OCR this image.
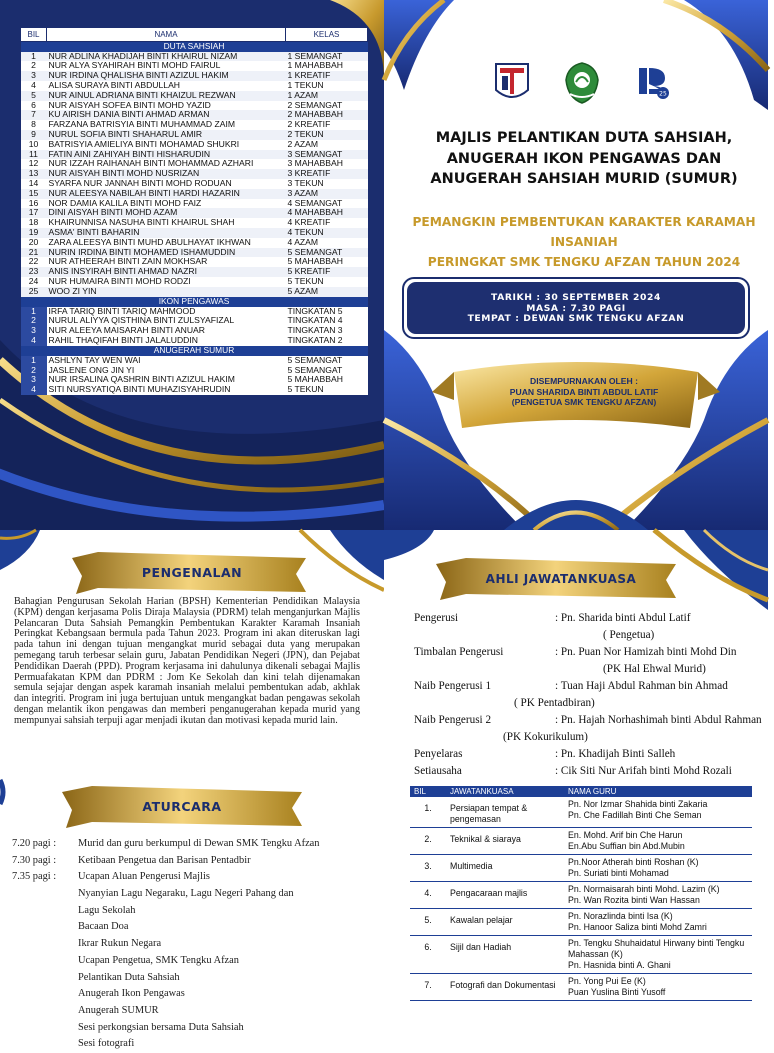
BIL	NAMA	KELAS
DUTA SAHSIAH		
1	NUR ADLINA KHADIJAH BINTI KHAIRUL NIZAM	1 SEMANGAT
2	NUR ALYA SYAHIRAH BINTI MOHD FAIRUL	1 MAHABBAH
3	NUR IRDINA QHALISHA BINTI AZIZUL HAKIM	1 KREATIF
4	ALISA SURAYA BINTI ABDULLAH	1 TEKUN
5	NUR AINUL ADRIANA BINTI KHAIZUL REZWAN	1 AZAM
6	NUR AISYAH SOFEA BINTI MOHD YAZID	2 SEMANGAT
7	KU AIRISH DANIA BINTI AHMAD ARMAN	2 MAHABBAH
8	FARZANA BATRISYIA BINTI MUHAMMAD ZAIM	2 KREATIF
9	NURUL SOFIA BINTI SHAHARUL AMIR	2 TEKUN
10	BATRISYIA AMIELIYA BINTI MOHAMAD SHUKRI	2 AZAM
11	FATIN AINI ZAHIYAH BINTI HISHARUDIN	3 SEMANGAT
12	NUR IZZAH RAIHANAH BINTI MOHAMMAD AZHARI	3 MAHABBAH
13	NUR AISYAH BINTI MOHD NUSRIZAN	3 KREATIF
14	SYARFA NUR JANNAH BINTI MOHD RODUAN	3 TEKUN
15	NUR ALEESYA NABILAH BINTI HARDI HAZARIN	3 AZAM
16	NOR DAMIA KALILA BINTI MOHD FAIZ	4 SEMANGAT
17	DINI AISYAH BINTI MOHD AZAM	4 MAHABBAH
18	KHAIRUNNISA NASUHA BINTI KHAIRUL SHAH	4 KREATIF
19	ASMA' BINTI BAHARIN	4 TEKUN
20	ZARA ALEESYA BINTI MUHD ABULHAYAT IKHWAN	4 AZAM
21	NURIN IRDINA BINTI MOHAMED ISHAMUDDIN	5 SEMANGAT
22	NUR ATHEERAH BINTI ZAIN MOKHSAR	5 MAHABBAH
23	ANIS INSYIRAH BINTI AHMAD NAZRI	5 KREATIF
24	NUR HUMAIRA BINTI MOHD RODZI	5 TEKUN
25	WOO ZI YIN	5 AZAM
IKON PENGAWAS		
1	IRFA TARIQ BINTI TARIQ MAHMOOD	TINGKATAN 5
2	NURUL ALIYYA QISTHINA BINTI ZULSYAFIZAL	TINGKATAN 4
3	NUR ALEEYA MAISARAH BINTI ANUAR	TINGKATAN 3
4	RAHIL THAQIFAH BINTI JALALUDDIN	TINGKATAN 2
ANUGERAH SUMUR		
1	ASHLYN TAY WEN WAI	5 SEMANGAT
2	JASLENE ONG JIN YI	5 SEMANGAT
3	NUR IRSALINA QASHRIN BINTI AZIZUL HAKIM	5 MAHABBAH
4	SITI NURSYATIQA BINTI MUHAZISYAHRUDIN	5 TEKUN
25
MAJLIS PELANTIKAN DUTA SAHSIAH,
ANUGERAH IKON PENGAWAS DAN
ANUGERAH SAHSIAH MURID (SUMUR)
PEMANGKIN PEMBENTUKAN KARAKTER KARAMAH INSANIAH
PERINGKAT SMK TENGKU AFZAN TAHUN 2024
TARIKH : 30 SEPTEMBER 2024
MASA : 7.30 PAGI
TEMPAT : DEWAN SMK TENGKU AFZAN
DISEMPURNAKAN OLEH :
PUAN SHARIDA BINTI ABDUL LATIF
(PENGETUA SMK TENGKU AFZAN)
PENGENALAN
Bahagian Pengurusan Sekolah Harian (BPSH) Kementerian Pendidikan Malaysia (KPM) dengan kerjasama Polis Diraja Malaysia (PDRM) telah menganjurkan Majlis Pelancaran Duta Sahsiah Pemangkin Pembentukan Karakter Karamah Insaniah Peringkat Kebangsaan bermula pada Tahun 2023. Program ini akan diteruskan lagi pada tahun ini dengan tujuan mengangkat murid sebagai duta yang merupakan pemegang taruh terbesar selain guru, Jabatan Pendidikan Negeri (JPN), dan Pejabat Pendidikan Daerah (PPD). Program kerjasama ini dahulunya dikenali sebagai Majlis Permuafakatan KPM dan PDRM : Jom Ke Sekolah dan kini telah dijenamakan semula sejajar dengan aspek karamah insaniah melalui pembentukan adab, akhlak dan integriti. Program ini juga bertujuan untuk mengangkat badan pengawas sekolah dengan melantik ikon pengawas dan memberi penganugerahan kepada murid yang mempunyai sahsiah terpuji agar menjadi ikutan dan motivasi kepada murid lain.
ATURCARA
7.20 pagi :	Murid dan guru berkumpul di Dewan SMK Tengku Afzan
7.30 pagi :	Ketibaan Pengetua dan Barisan Pentadbir
7.35 pagi :	Ucapan Aluan Pengerusi Majlis
Nyanyian Lagu Negaraku, Lagu Negeri Pahang dan
Lagu Sekolah
Bacaan Doa
Ikrar Rukun Negara
Ucapan Pengetua, SMK Tengku Afzan
Pelantikan Duta Sahsiah
Anugerah Ikon Pengawas
Anugerah SUMUR
Sesi perkongsian bersama Duta Sahsiah
Sesi fotografi
AHLI JAWATANKUASA
Pengerusi	: Pn. Sharida binti Abdul Latif
( Pengetua)
Timbalan Pengerusi	: Pn. Puan Nor Hamizah binti Mohd Din
(PK Hal Ehwal Murid)
Naib Pengerusi 1	: Tuan Haji Abdul Rahman bin Ahmad
( PK Pentadbiran)
Naib Pengerusi 2	: Pn. Hajah Norhashimah binti Abdul Rahman
(PK Kokurikulum)
Penyelaras	: Pn. Khadijah Binti Salleh
Setiausaha	: Cik Siti Nur Arifah binti Mohd Rozali
BIL	JAWATANKUASA	NAMA GURU
1.	Persiapan tempat & pengemasan	Pn. Nor Izmar Shahida binti Zakaria
Pn. Che Fadillah Binti Che Seman

2.	Teknikal & siaraya	En. Mohd. Arif bin Che Harun
En.Abu Suffian bin Abd.Mubin

3.	Multimedia	Pn.Noor Atherah binti Roshan (K)
Pn. Suriati binti Mohamad

4.	Pengacaraan majlis	Pn. Normaisarah binti Mohd. Lazim (K)
Pn. Wan Rozita binti Wan Hassan

5.	Kawalan pelajar	Pn. Norazlinda binti Isa (K)
Pn. Hanoor Saliza binti Mohd Zamri

6.	Sijil dan Hadiah	Pn. Tengku Shuhaidatul Hirwany binti Tengku Mahassan (K)
Pn. Hasnida binti A. Ghani

7.	Fotografi dan Dokumentasi	Pn. Yong Pui Ee (K)
Puan Yuslina Binti Yusoff
